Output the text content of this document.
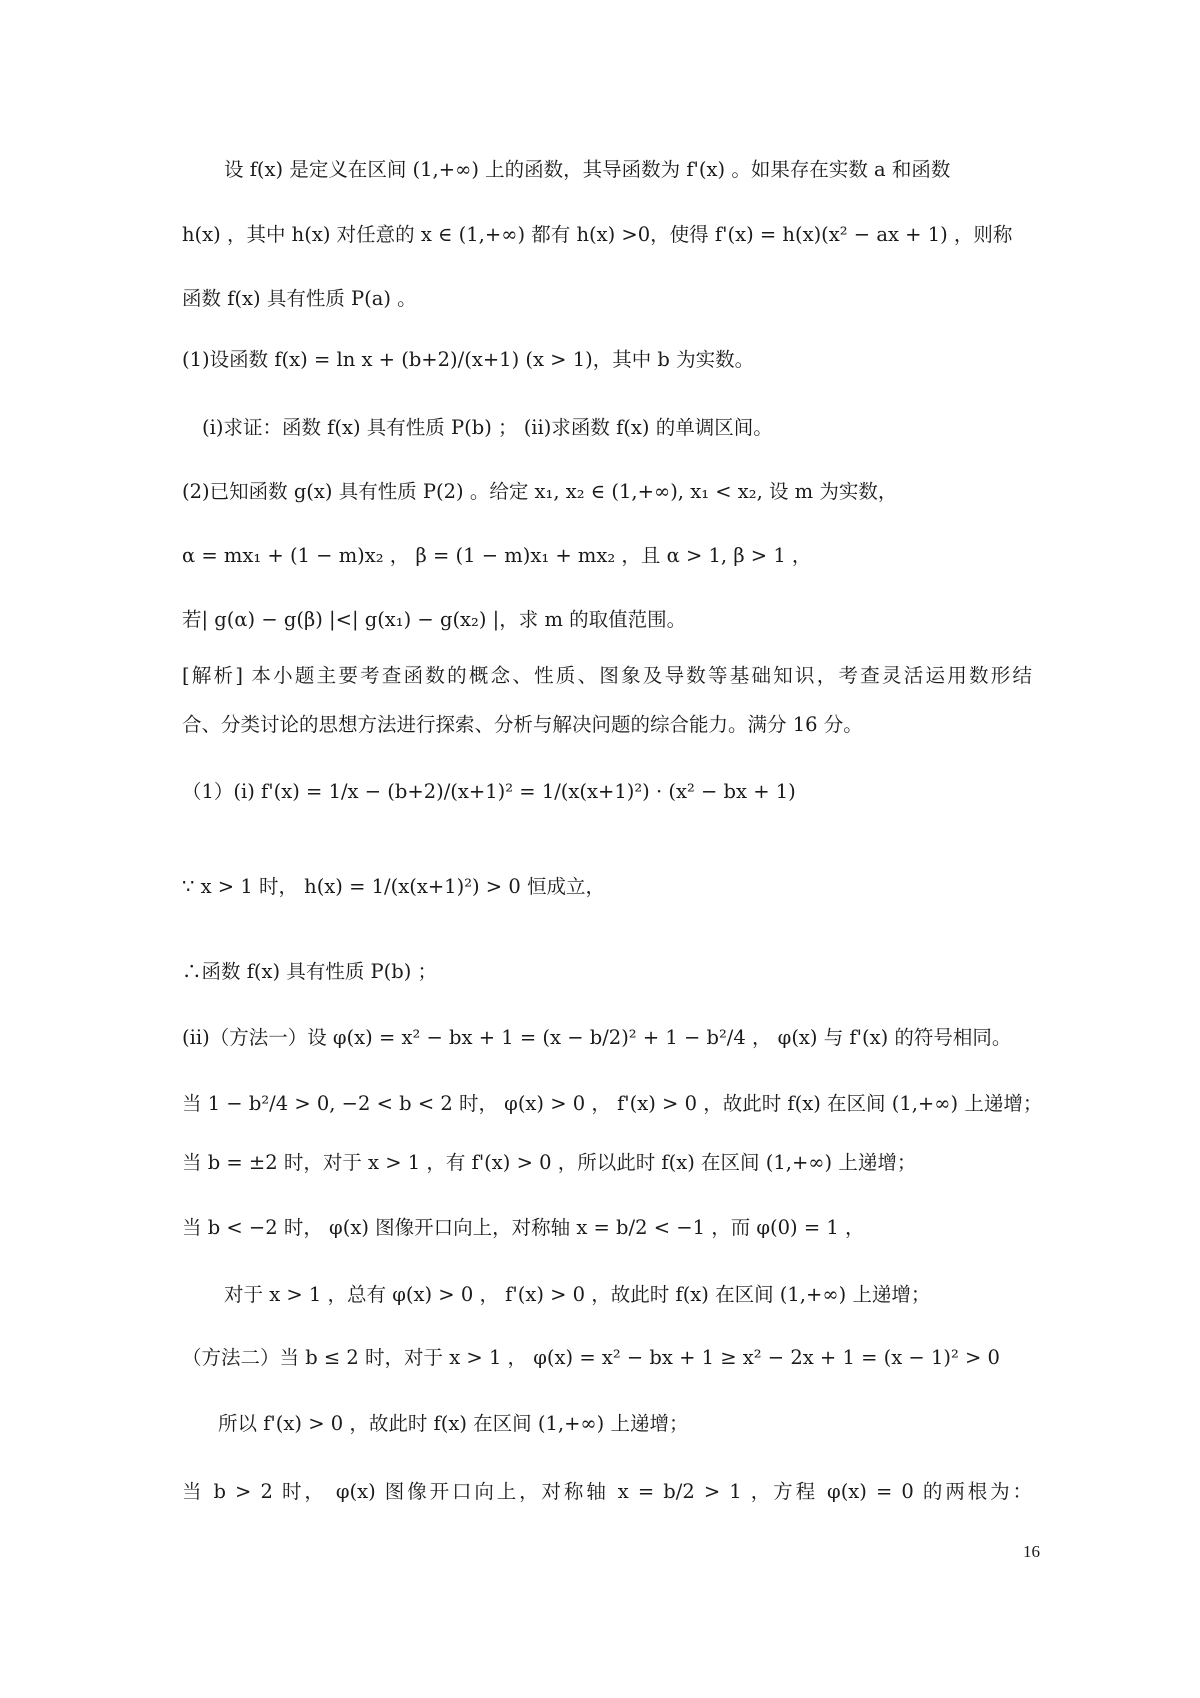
设 f(x) 是定义在区间 (1,+∞) 上的函数，其导函数为 f'(x) 。如果存在实数 a 和函数
h(x) ，其中 h(x) 对任意的 x ∈ (1,+∞) 都有 h(x) >0，使得 f'(x) = h(x)(x² − ax + 1) ，则称
函数 f(x) 具有性质 P(a) 。
(1)设函数 f(x) = ln x + (b+2)/(x+1) (x > 1)，其中 b 为实数。
(i)求证：函数 f(x) 具有性质 P(b) ； (ii)求函数 f(x) 的单调区间。
(2)已知函数 g(x) 具有性质 P(2) 。给定 x₁, x₂ ∈ (1,+∞), x₁ < x₂, 设 m 为实数，
α = mx₁ + (1 − m)x₂ ， β = (1 − m)x₁ + mx₂ ，且 α > 1, β > 1 ，
若| g(α) − g(β) |<| g(x₁) − g(x₂) |，求 m 的取值范围。
[解析] 本小题主要考查函数的概念、性质、图象及导数等基础知识，考查灵活运用数形结
合、分类讨论的思想方法进行探索、分析与解决问题的综合能力。满分 16 分。
（1）(i) f'(x) = 1/x − (b+2)/(x+1)² = 1/(x(x+1)²) · (x² − bx + 1)
∵ x > 1 时， h(x) = 1/(x(x+1)²) > 0 恒成立，
∴函数 f(x) 具有性质 P(b) ；
(ii)（方法一）设 φ(x) = x² − bx + 1 = (x − b/2)² + 1 − b²/4 ， φ(x) 与 f'(x) 的符号相同。
当 1 − b²/4 > 0, −2 < b < 2 时， φ(x) > 0 ， f'(x) > 0 ，故此时 f(x) 在区间 (1,+∞) 上递增；
当 b = ±2 时，对于 x > 1 ，有 f'(x) > 0 ，所以此时 f(x) 在区间 (1,+∞) 上递增；
当 b < −2 时， φ(x) 图像开口向上，对称轴 x = b/2 < −1 ，而 φ(0) = 1 ，
对于 x > 1 ，总有 φ(x) > 0 ， f'(x) > 0 ，故此时 f(x) 在区间 (1,+∞) 上递增；
（方法二）当 b ≤ 2 时，对于 x > 1 ， φ(x) = x² − bx + 1 ≥ x² − 2x + 1 = (x − 1)² > 0
所以 f'(x) > 0 ，故此时 f(x) 在区间 (1,+∞) 上递增；
当 b > 2 时， φ(x) 图像开口向上，对称轴 x = b/2 > 1 ，方程 φ(x) = 0 的两根为：
16
